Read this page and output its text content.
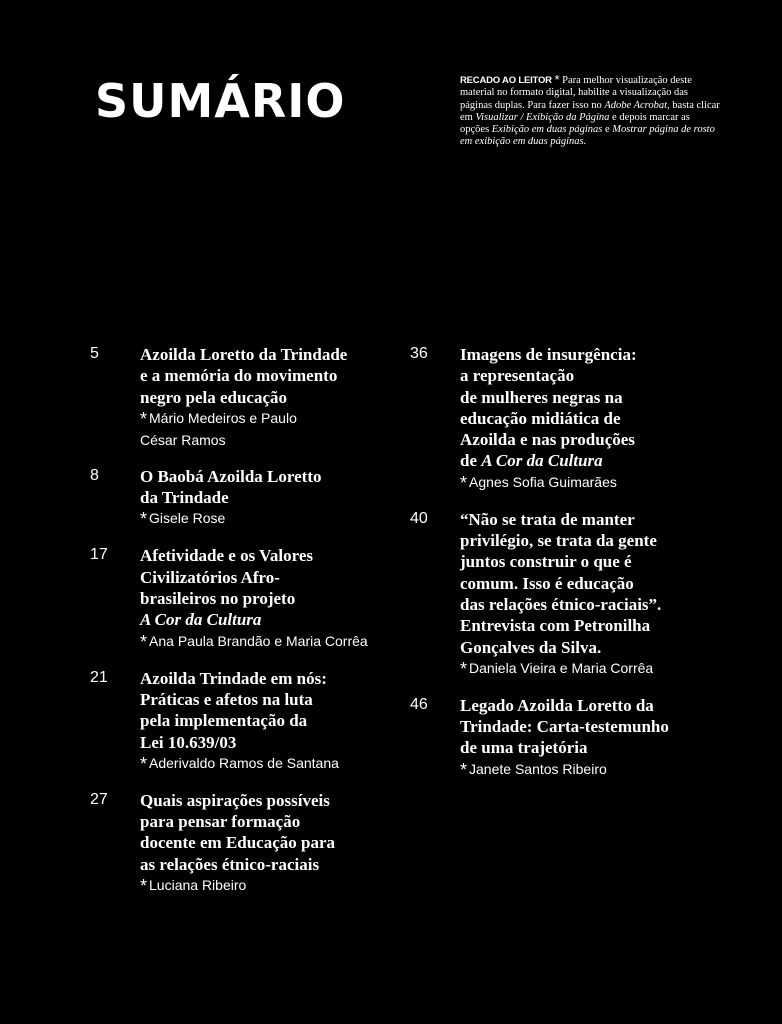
SUMÁRIO	RECADO AO LEITOR * Para melhor visualização deste material no formato digital, habilite a visualização das páginas duplas. Para fazer isso no Adobe Acrobat, basta clicar em Visualizar / Exibição da Página e depois marcar as opções Exibição em duas páginas e Mostrar página de rosto em exibição em duas páginas.
5 Azoilda Loretto da Trindade
e a memória do movimento
negro pela educação
* Mário Medeiros e Paulo
César Ramos
8 O Baobá Azoilda Loretto
da Trindade
* Gisele Rose
17 Afetividade e os Valores
Civilizatórios Afro-
brasileiros no projeto
A Cor da Cultura
* Ana Paula Brandão e Maria Corrêa
21 Azoilda Trindade em nós:
Práticas e afetos na luta
pela implementação da
Lei 10.639/03
* Aderivaldo Ramos de Santana
27 Quais aspirações possíveis
para pensar formação
docente em Educação para
as relações étnico-raciais
* Luciana Ribeiro
36 Imagens de insurgência:
a representação
de mulheres negras na
educação midiática de
Azoilda e nas produções
de A Cor da Cultura
* Agnes Sofia Guimarães
40 “Não se trata de manter
privilégio, se trata da gente
juntos construir o que é
comum. Isso é educação
das relações étnico-raciais”.
Entrevista com Petronilha
Gonçalves da Silva.
* Daniela Vieira e Maria Corrêa
46 Legado Azoilda Loretto da
Trindade: Carta-testemunho
de uma trajetória
* Janete Santos Ribeiro
